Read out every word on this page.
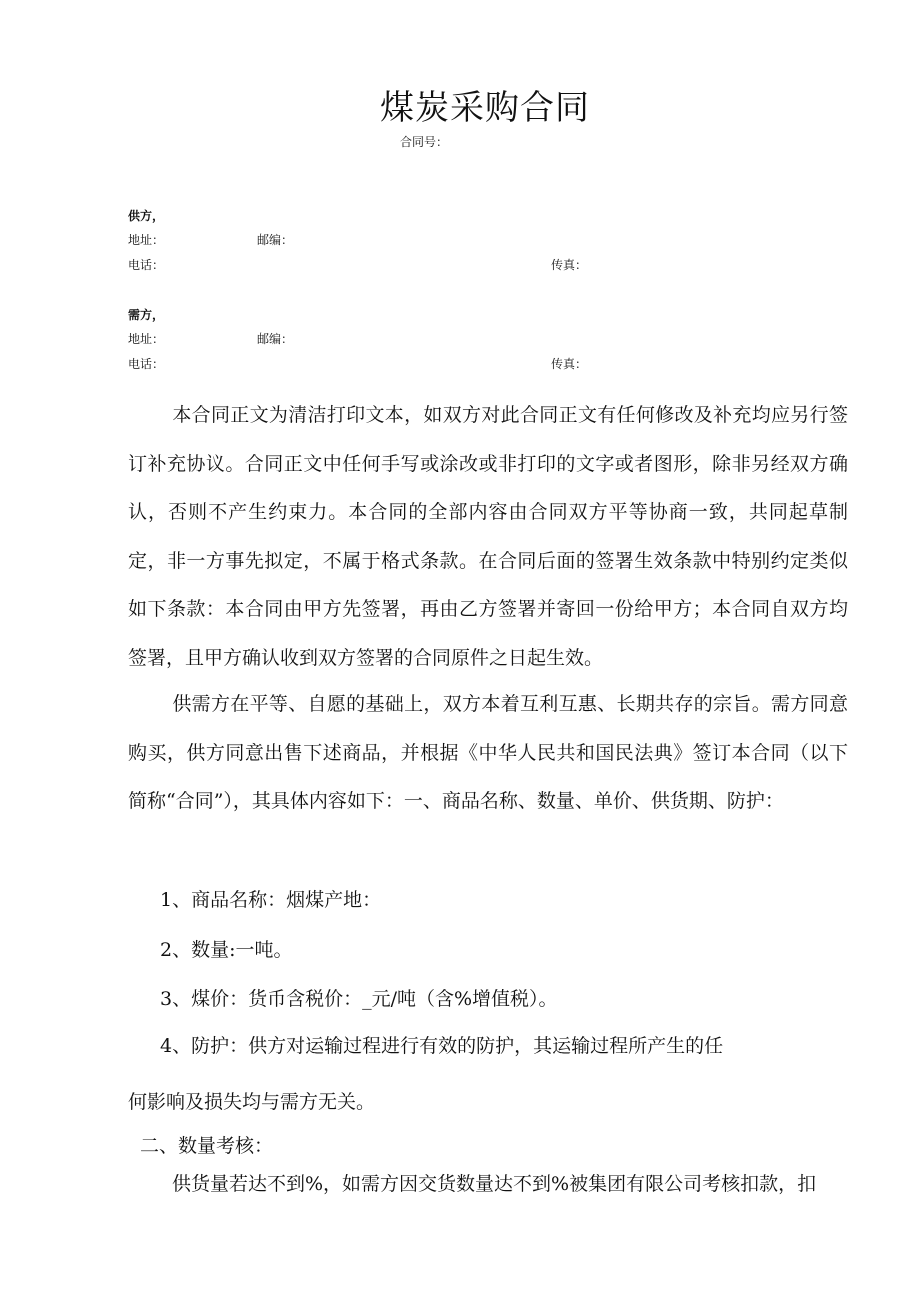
煤炭采购合同
合同号：
供方，
地址：	邮编：
电话：	传真：
需方，
地址：	邮编：
电话：	传真：
本合同正文为清洁打印文本，如双方对此合同正文有任何修改及补充均应另行签订补充协议。合同正文中任何手写或涂改或非打印的文字或者图形，除非另经双方确认，否则不产生约束力。本合同的全部内容由合同双方平等协商一致，共同起草制定，非一方事先拟定，不属于格式条款。在合同后面的签署生效条款中特别约定类似如下条款：本合同由甲方先签署，再由乙方签署并寄回一份给甲方；本合同自双方均签署，且甲方确认收到双方签署的合同原件之日起生效。
供需方在平等、自愿的基础上，双方本着互利互惠、长期共存的宗旨。需方同意购买，供方同意出售下述商品，并根据《中华人民共和国民法典》签订本合同（以下简称“合同”），其具体内容如下：一、商品名称、数量、单价、供货期、防护：
1、商品名称：烟煤产地：
2、数量:一吨。
3、煤价：货币含税价：_元/吨（含%增值税）。
4、防护：供方对运输过程进行有效的防护，其运输过程所产生的任
何影响及损失均与需方无关。
二、数量考核：
供货量若达不到%，如需方因交货数量达不到%被集团有限公司考核扣款，扣
